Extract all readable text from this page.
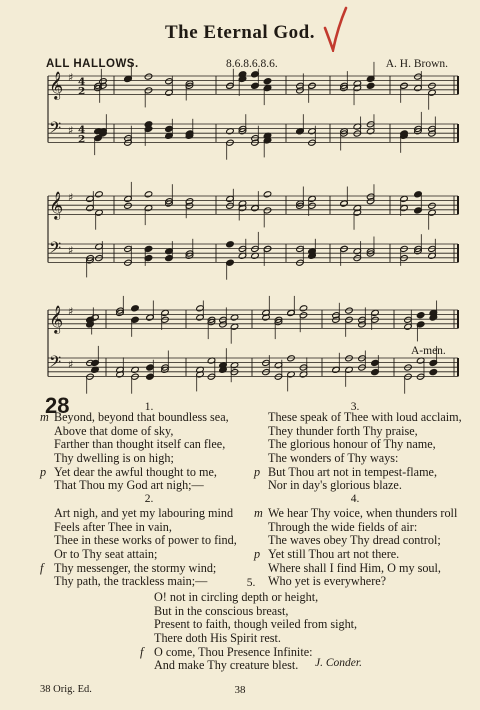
The Eternal God.
ALL HALLOWS.	8.6.8.6.8.6.	A. H. Brown.
𝄞 ♯ 4
2
𝄢 ♯ 4
2
𝄞 ♯
𝄢 ♯
𝄞 ♯
𝄢 ♯
A-men.
28	1.
m Beyond, beyond that boundless sea,
Above that dome of sky,
Farther than thought itself can flee,
Thy dwelling is on high;
p Yet dear the awful thought to me,
That Thou my God art nigh;—
2.
Art nigh, and yet my labouring mind
Feels after Thee in vain,
Thee in these works of power to find,
Or to Thy seat attain;
f Thy messenger, the stormy wind;
Thy path, the trackless main;—
3.
These speak of Thee with loud acclaim,
They thunder forth Thy praise,
The glorious honour of Thy name,
The wonders of Thy ways:
p But Thou art not in tempest-flame,
Nor in day's glorious blaze.
4.
m We hear Thy voice, when thunders roll
Through the wide fields of air:
The waves obey Thy dread control;
p Yet still Thou art not there.
Where shall I find Him, O my soul,
Who yet is everywhere?
5.
O! not in circling depth or height,
But in the conscious breast,
Present to faith, though veiled from sight,
There doth His Spirit rest.
f O come, Thou Presence Infinite:
And make Thy creature blest.	J. Conder.
38 Orig. Ed.	38
